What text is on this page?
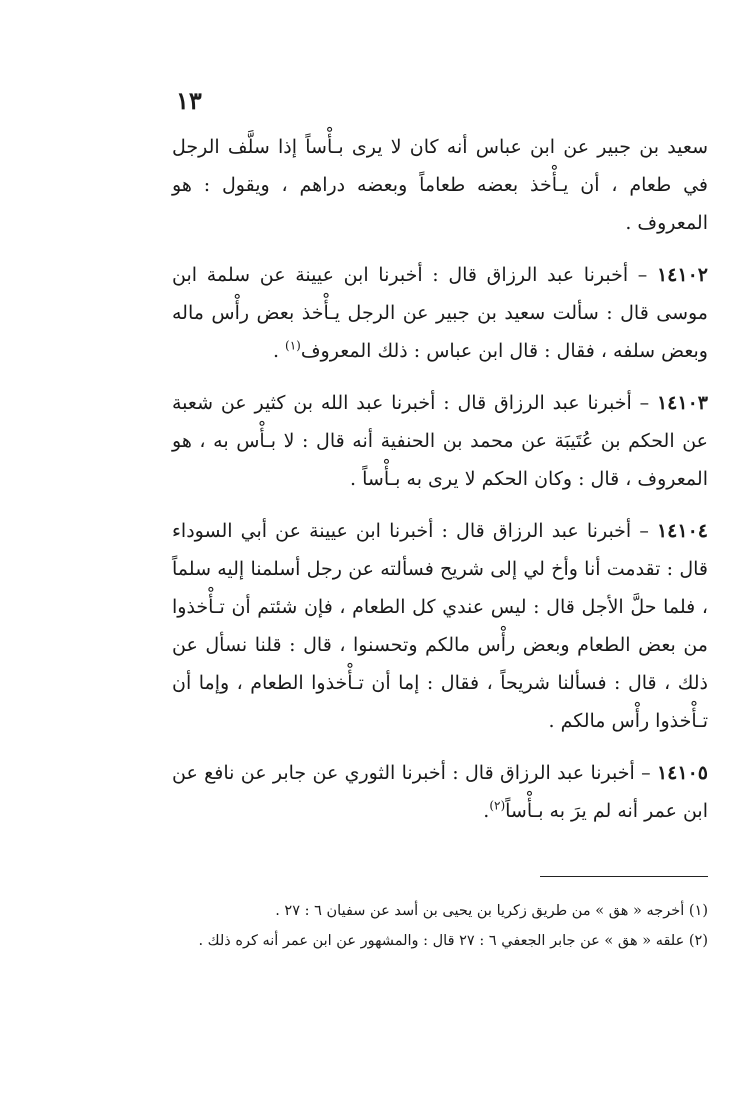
١٣

سعيد بن جبير عن ابن عباس أنه كان لا يرى بـأْساً إذا سلَّف الرجل في طعام ، أن يـأْخذ بعضه طعاماً وبعضه دراهم ، ويقول : هو المعروف .

١٤١٠٢ – أخبرنا عبد الرزاق قال : أخبرنا ابن عيينة عن سلمة ابن موسى قال : سألت سعيد بن جبير عن الرجل يـأْخذ بعض رأْس ماله وبعض سلفه ، فقال : قال ابن عباس : ذلك المعروف$^{(١)}$ .

١٤١٠٣ – أخبرنا عبد الرزاق قال : أخبرنا عبد الله بن كثير عن شعبة عن الحكم بن عُتَيبَة عن محمد بن الحنفية أنه قال : لا بـأْس به ، هو المعروف ، قال : وكان الحكم لا يرى به بـأْساً .

١٤١٠٤ – أخبرنا عبد الرزاق قال : أخبرنا ابن عيينة عن أبي السوداء قال : تقدمت أنا وأخ لي إلى شريح فسألته عن رجل أسلمنا إليه سلماً ، فلما حلَّ الأجل قال : ليس عندي كل الطعام ، فإن شئتم أن تـأْخذوا من بعض الطعام وبعض رأْس مالكم وتحسنوا ، قال : قلنا نسأل عن ذلك ، قال : فسألنا شريحاً ، فقال : إما أن تـأْخذوا الطعام ، وإما أن تـأْخذوا رأْس مالكم .

١٤١٠٥ – أخبرنا عبد الرزاق قال : أخبرنا الثوري عن جابر عن نافع عن ابن عمر أنه لم يرَ به بـأْساً$^{(٢)}$.

(١) أخرجه « هق » من طريق زكريا بن يحيى بن أسد عن سفيان ٦ : ٢٧ .

(٢) علقه « هق » عن جابر الجعفي ٦ : ٢٧ قال : والمشهور عن ابن عمر أنه كره ذلك .
